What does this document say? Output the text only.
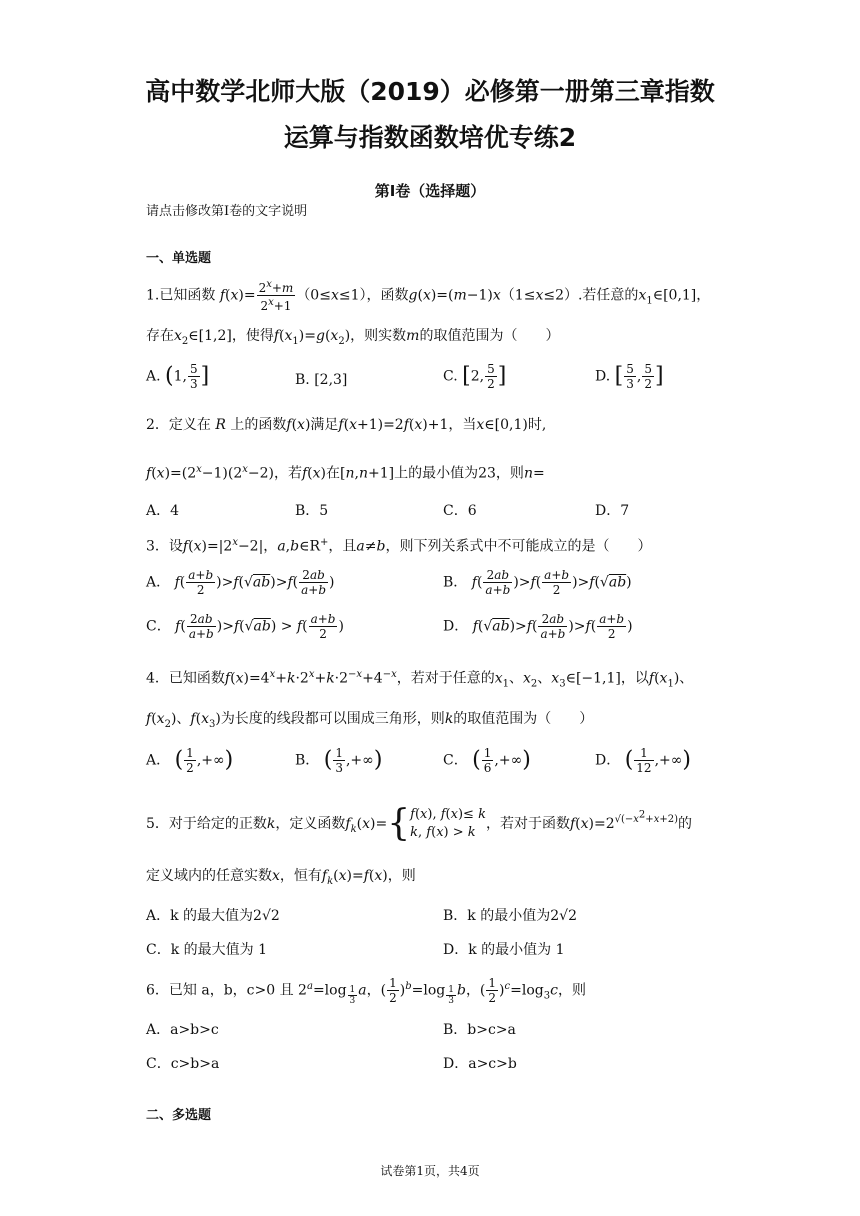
高中数学北师大版（2019）必修第一册第三章指数
运算与指数函数培优专练2
第I卷（选择题）
请点击修改第I卷的文字说明
一、单选题
1.已知函数 $f(x)= \frac{2^x+m}{2^x+1} (0\le x\le 1)$，函数g(x)=(m−1)x（1≤x≤2）.若任意的$x_1\in[0,1]$，
存在$x_2\in[1,2]$，使得$f(x_1)=g(x_2)$，则实数m的取值范围为（　　）
A. (1, $\frac{5}{3}$ ]	B. [2,3]	C. [2, $\frac{5}{2}$ ]	D. [ $\frac{5}{3}$ , $\frac{5}{2}$ ]
2．定义在 R 上的函数f(x)满足f(x+1)=2f(x)+1，当x∈[0,1)时,
$f(x)=(2^x-1)(2^x-2)$，若f(x)在[n,n+1]上的最小值为23，则n=
A．4	B．5	C．6	D．7
3．设$f(x)=|2^x-2|$，a,b∈R+，且a≠b，则下列关系式中不可能成立的是（　　）
A． $f( \frac{a+b}{2} )>f(√ab)>f( \frac{2ab}{a+b}$ )	B． $f( \frac{2ab}{a+b} )>f( \frac{a+b}{2} )>f(√ab)$
C． $f( \frac{2ab}{a+b} )>f(√ab) > f( \frac{a+b}{2}$ )	D． $f(√ab)>f( \frac{2ab}{a+b} )>f( \frac{a+b}{2}$ )
4．已知函数$f(x)=4^x+k\cdot 2^x+k\cdot 2^{-x}+4^{-x}$，若对于任意的$x_1$、$x_2$、$x_3\in[-1,1]$，以$f(x_1)$、
$f(x_2)$、$f(x_3)$为长度的线段都可以围成三角形，则k的取值范围为（　　）
A． ( $\frac{1}{2}$ ,+∞)	B． ( $\frac{1}{3}$ ,+∞)	C． ( $\frac{1}{6}$ ,+∞)	D． ( $\frac{1}{12}$ ,+∞)
5．对于给定的正数k，定义函数$f_k(x)=\{f(x)$, f(x)≤ k
k, f(x) > k，若对于函数$f(x)=2^{√(-x^2+x+2)}$的
定义域内的任意实数x，恒有$f_k(x)=f(x)$，则
A．k 的最大值为2√2	B．k 的最小值为2√2
C．k 的最大值为 1	D．k 的最小值为 1
6．已知 a，b，c>0 且 $2^a=\log$ $_{\frac{1}{3}}$ a，( $\frac{1}{2} )^b=\log$ $_{\frac{1}{3}}$ b，( $\frac{1}{2} )^c=\log_3c$，则
A．a>b>c	B．b>c>a
C．c>b>a	D．a>c>b
二、多选题
试卷第1页，共4页
